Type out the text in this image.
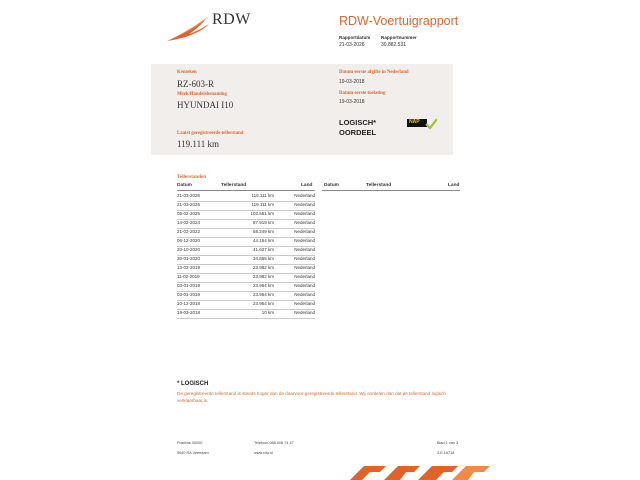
RDW	RDW-Voertuigrapport
Rapportdatum
21-03-2026
Rapportnummer
30.882.531
Kenteken
RZ-603-R
Merk/Handelsbenaming
HYUNDAI I10
Laatst geregistreerde tellerstand
119.111 km
Datum eerste afgifte in Nederland
19-03-2018
Datum eerste toelating
19-03-2018
LOGISCH*
OORDEEL
NAP
Tellerstanden
Datum	Tellerstand	Land Datum	Tellerstand	Land
21-03-2026	119.111 km	Nederland
21-03-2026	119.111 km	Nederland
05-02-2025	102.551 km	Nederland
14-02-2024	87.919 km	Nederland
21-02-2022	58.249 km	Nederland
06-12-2020	44.154 km	Nederland
20-10-2020	41.627 km	Nederland
30-01-2020	34.655 km	Nederland
13-02-2019	23.982 km	Nederland
11-02-2019	23.982 km	Nederland
03-01-2019	23.954 km	Nederland
03-01-2019	23.954 km	Nederland
10-12-2018	23.954 km	Nederland
19-03-2018	10 km	Nederland
* LOGISCH
De geregistreerde tellerstand is steeds hoger dan de daarvoor geregistreerde tellerstand. Wij oordelen dan dat de tellerstand logisch verklaarbaar is.
Postbus 30000
9640 RA Veendam
Telefoon 088 008 74 47
www.rdw.nl
Blad 1 van 3
3.E.16718
